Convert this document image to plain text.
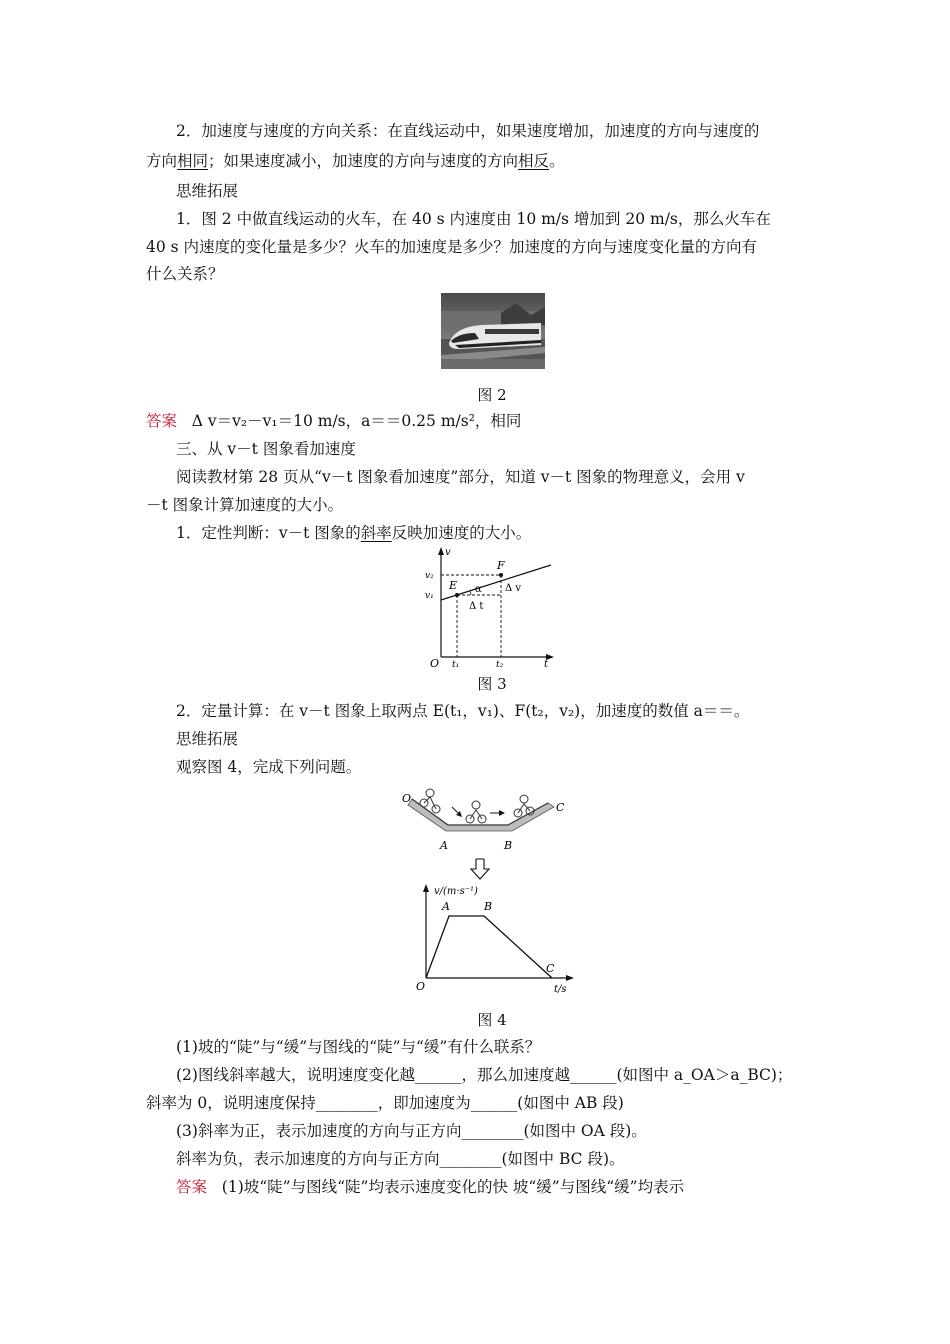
2．加速度与速度的方向关系：在直线运动中，如果速度增加，加速度的方向与速度的
方向相同；如果速度减小，加速度的方向与速度的方向相反。
思维拓展
1．图 2 中做直线运动的火车，在 40 s 内速度由 10 m/s 增加到 20 m/s，那么火车在
40 s 内速度的变化量是多少？火车的加速度是多少？加速度的方向与速度变化量的方向有
什么关系？
图 2
答案 Δ v＝v₂－v₁＝10 m/s，a＝＝0.25 m/s²，相同
三、从 v－t 图象看加速度
阅读教材第 28 页从“v－t 图象看加速度”部分，知道 v－t 图象的物理意义，会用 v
－t 图象计算加速度的大小。
1．定性判断：v－t 图象的斜率反映加速度的大小。
v
v₂
v₁
E
F
α Δ v
Δ t
O t₁	t₂	t
图 3
2．定量计算：在 v－t 图象上取两点 E(t₁，v₁)、F(t₂，v₂)，加速度的数值 a＝＝。
思维拓展
观察图 4，完成下列问题。
O
A	B
C
v/(m·s⁻¹)
A	B
C
O	t/s
图 4
(1)坡的“陡”与“缓”与图线的“陡”与“缓”有什么联系？
(2)图线斜率越大，说明速度变化越______，那么加速度越______(如图中 a_OA＞a_BC)；
斜率为 0，说明速度保持________，即加速度为______(如图中 AB 段)
(3)斜率为正，表示加速度的方向与正方向________(如图中 OA 段)。
斜率为负，表示加速度的方向与正方向________(如图中 BC 段)。
答案 (1)坡“陡”与图线“陡”均表示速度变化的快 坡“缓”与图线“缓”均表示
